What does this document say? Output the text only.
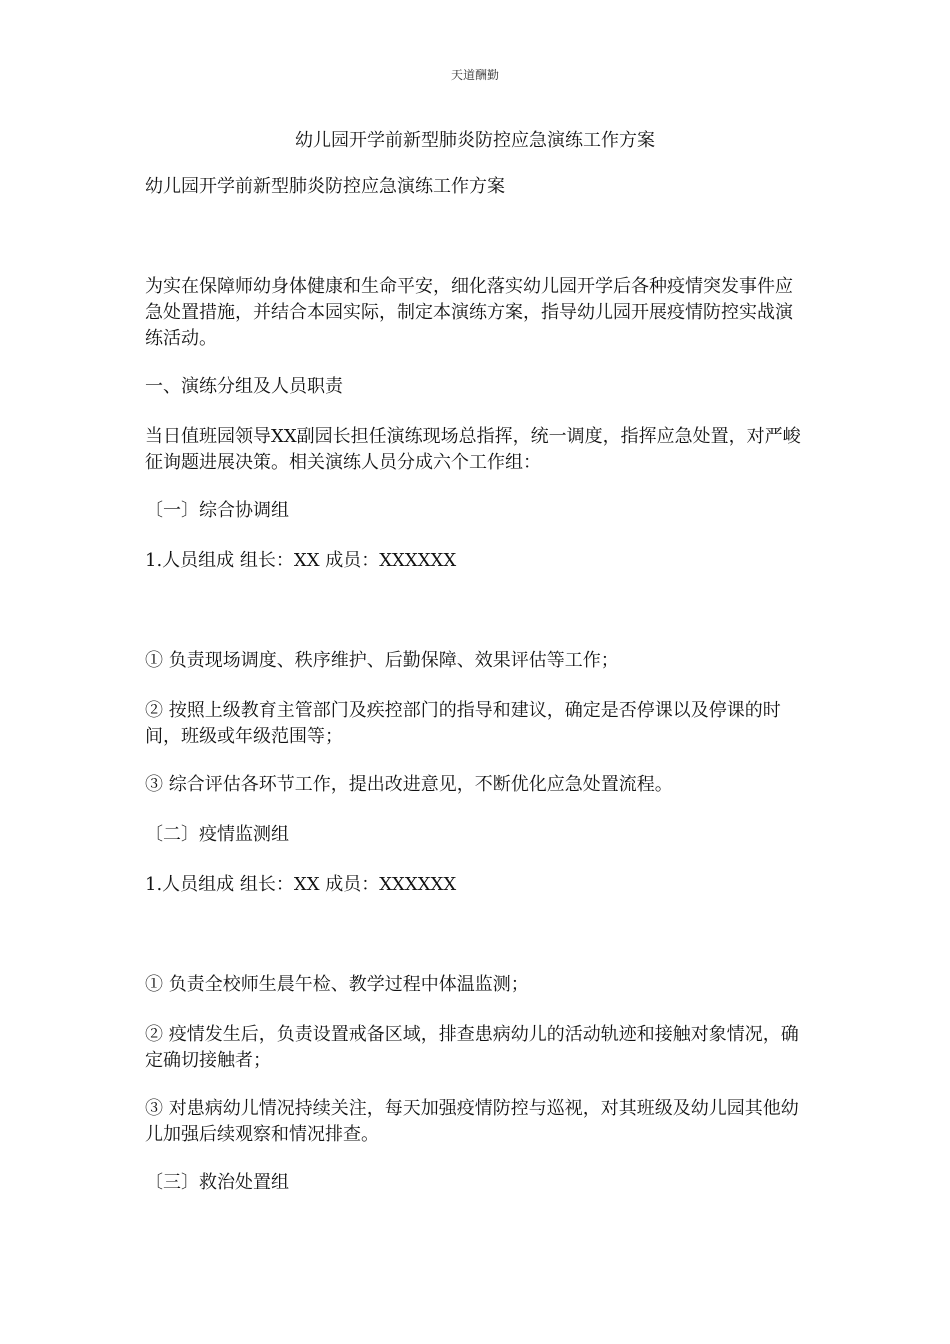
天道酬勤
幼儿园开学前新型肺炎防控应急演练工作方案

幼儿园开学前新型肺炎防控应急演练工作方案

为实在保障师幼身体健康和生命平安，细化落实幼儿园开学后各种疫情突发事件应急处置措施，并结合本园实际，制定本演练方案，指导幼儿园开展疫情防控实战演练活动。

一、演练分组及人员职责

当日值班园领导XX副园长担任演练现场总指挥，统一调度，指挥应急处置，对严峻征询题进展决策。相关演练人员分成六个工作组：

〔一〕综合协调组

1.人员组成 组长：XX 成员：XXXXXX

① 负责现场调度、秩序维护、后勤保障、效果评估等工作；

② 按照上级教育主管部门及疾控部门的指导和建议，确定是否停课以及停课的时间，班级或年级范围等；

③ 综合评估各环节工作，提出改进意见，不断优化应急处置流程。

〔二〕疫情监测组

1.人员组成 组长：XX 成员：XXXXXX

① 负责全校师生晨午检、教学过程中体温监测；

② 疫情发生后，负责设置戒备区域，排查患病幼儿的活动轨迹和接触对象情况，确定确切接触者；

③ 对患病幼儿情况持续关注，每天加强疫情防控与巡视，对其班级及幼儿园其他幼儿加强后续观察和情况排查。

〔三〕救治处置组
